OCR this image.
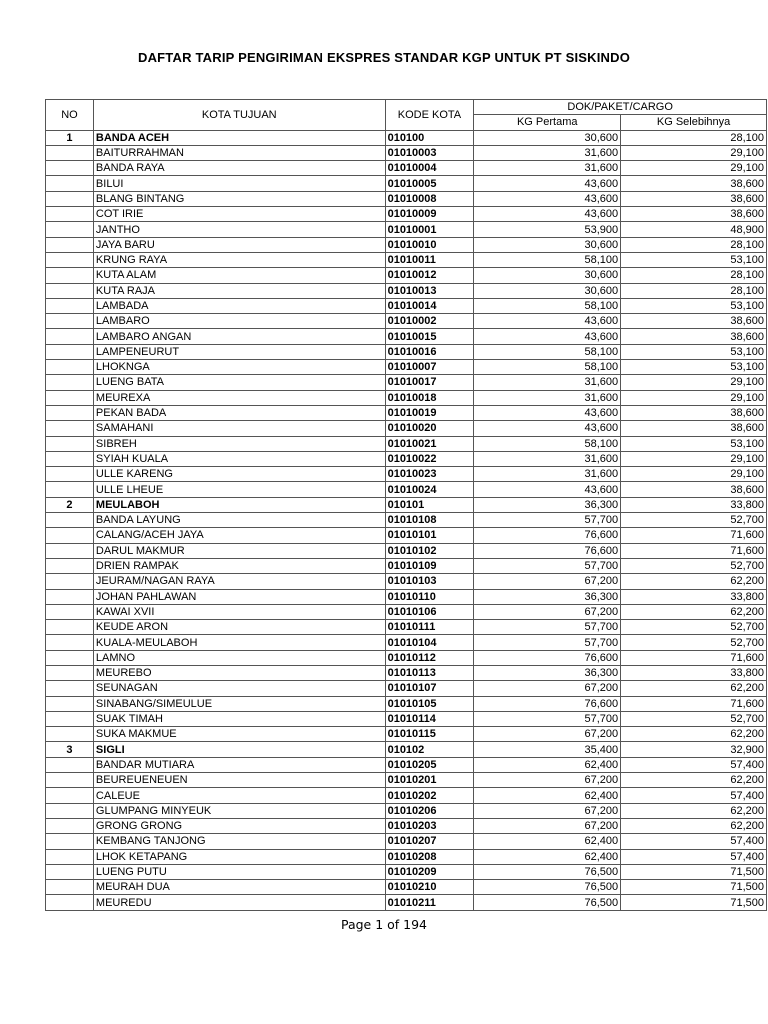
DAFTAR TARIP PENGIRIMAN EKSPRES STANDAR KGP UNTUK PT SISKINDO
NO	KOTA TUJUAN	KODE KOTA	DOK/PAKET/CARGO	
			KG Pertama	KG Selebihnya
1	BANDA ACEH	010100	30,600	28,100
	BAITURRAHMAN	01010003	31,600	29,100
	BANDA RAYA	01010004	31,600	29,100
	BILUI	01010005	43,600	38,600
	BLANG BINTANG	01010008	43,600	38,600
	COT IRIE	01010009	43,600	38,600
	JANTHO	01010001	53,900	48,900
	JAYA BARU	01010010	30,600	28,100
	KRUNG RAYA	01010011	58,100	53,100
	KUTA ALAM	01010012	30,600	28,100
	KUTA RAJA	01010013	30,600	28,100
	LAMBADA	01010014	58,100	53,100
	LAMBARO	01010002	43,600	38,600
	LAMBARO ANGAN	01010015	43,600	38,600
	LAMPENEURUT	01010016	58,100	53,100
	LHOKNGA	01010007	58,100	53,100
	LUENG BATA	01010017	31,600	29,100
	MEUREXA	01010018	31,600	29,100
	PEKAN BADA	01010019	43,600	38,600
	SAMAHANI	01010020	43,600	38,600
	SIBREH	01010021	58,100	53,100
	SYIAH KUALA	01010022	31,600	29,100
	ULLE KARENG	01010023	31,600	29,100
	ULLE LHEUE	01010024	43,600	38,600
2	MEULABOH	010101	36,300	33,800
	BANDA LAYUNG	01010108	57,700	52,700
	CALANG/ACEH JAYA	01010101	76,600	71,600
	DARUL MAKMUR	01010102	76,600	71,600
	DRIEN RAMPAK	01010109	57,700	52,700
	JEURAM/NAGAN RAYA	01010103	67,200	62,200
	JOHAN PAHLAWAN	01010110	36,300	33,800
	KAWAI XVII	01010106	67,200	62,200
	KEUDE ARON	01010111	57,700	52,700
	KUALA-MEULABOH	01010104	57,700	52,700
	LAMNO	01010112	76,600	71,600
	MEUREBO	01010113	36,300	33,800
	SEUNAGAN	01010107	67,200	62,200
	SINABANG/SIMEULUE	01010105	76,600	71,600
	SUAK TIMAH	01010114	57,700	52,700
	SUKA MAKMUE	01010115	67,200	62,200
3	SIGLI	010102	35,400	32,900
	BANDAR MUTIARA	01010205	62,400	57,400
	BEUREUENEUEN	01010201	67,200	62,200
	CALEUE	01010202	62,400	57,400
	GLUMPANG MINYEUK	01010206	67,200	62,200
	GRONG GRONG	01010203	67,200	62,200
	KEMBANG TANJONG	01010207	62,400	57,400
	LHOK KETAPANG	01010208	62,400	57,400
	LUENG PUTU	01010209	76,500	71,500
	MEURAH DUA	01010210	76,500	71,500
	MEUREDU	01010211	76,500	71,500
Page 1 of 194
